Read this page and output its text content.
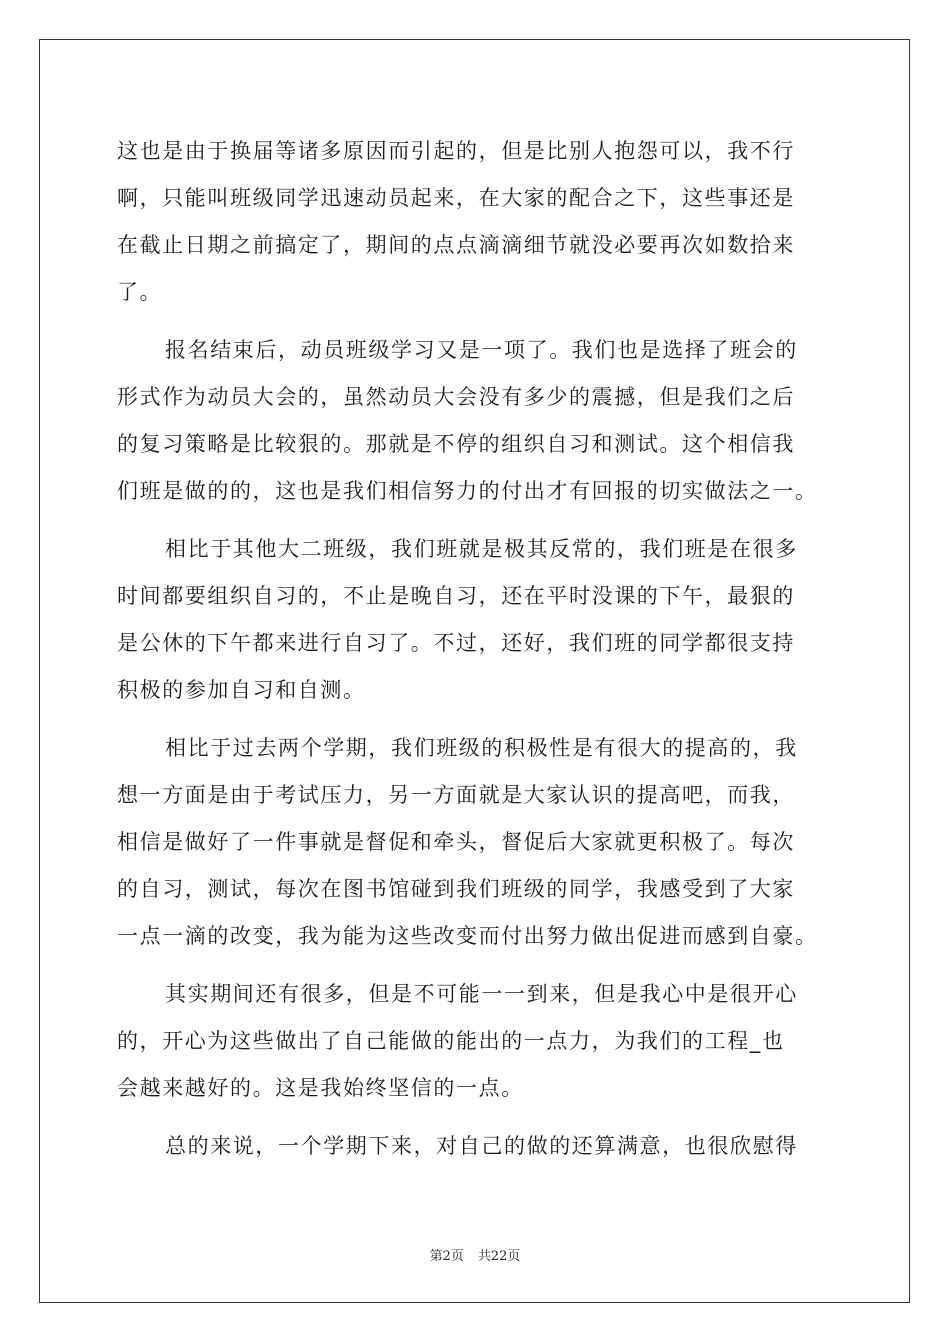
这也是由于换届等诸多原因而引起的，但是比别人抱怨可以，我不行
啊，只能叫班级同学迅速动员起来，在大家的配合之下，这些事还是
在截止日期之前搞定了，期间的点点滴滴细节就没必要再次如数拾来
了。
报名结束后，动员班级学习又是一项了。我们也是选择了班会的
形式作为动员大会的，虽然动员大会没有多少的震撼，但是我们之后
的复习策略是比较狠的。那就是不停的组织自习和测试。这个相信我
们班是做的的，这也是我们相信努力的付出才有回报的切实做法之一。
相比于其他大二班级，我们班就是极其反常的，我们班是在很多
时间都要组织自习的，不止是晚自习，还在平时没课的下午，最狠的
是公休的下午都来进行自习了。不过，还好，我们班的同学都很支持
积极的参加自习和自测。
相比于过去两个学期，我们班级的积极性是有很大的提高的，我
想一方面是由于考试压力，另一方面就是大家认识的提高吧，而我，
相信是做好了一件事就是督促和牵头，督促后大家就更积极了。每次
的自习，测试，每次在图书馆碰到我们班级的同学，我感受到了大家
一点一滴的改变，我为能为这些改变而付出努力做出促进而感到自豪。
其实期间还有很多，但是不可能一一到来，但是我心中是很开心
的，开心为这些做出了自己能做的能出的一点力，为我们的工程_也
会越来越好的。这是我始终坚信的一点。
总的来说，一个学期下来，对自己的做的还算满意，也很欣慰得
第2页 共22页
